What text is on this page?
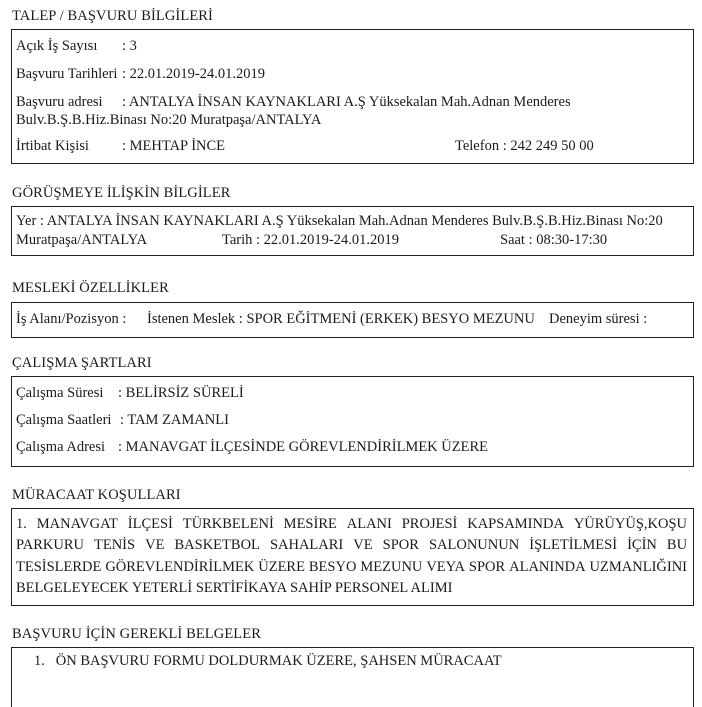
TALEP / BAŞVURU BİLGİLERİ
Açık İş Sayısı : 3
Başvuru Tarihleri : 22.01.2019-24.01.2019
Başvuru adresi : ANTALYA İNSAN KAYNAKLARI A.Ş Yüksekalan Mah.Adnan Menderes
Bulv.B.Ş.B.Hiz.Binası No:20 Muratpaşa/ANTALYA
İrtibat Kişisi : MEHTAP İNCE	Telefon : 242 249 50 00
GÖRÜŞMEYE İLİŞKİN BİLGİLER
Yer : ANTALYA İNSAN KAYNAKLARI A.Ş Yüksekalan Mah.Adnan Menderes Bulv.B.Ş.B.Hiz.Binası No:20
Muratpaşa/ANTALYA	Tarih : 22.01.2019-24.01.2019	Saat : 08:30-17:30
MESLEKİ ÖZELLİKLER
İş Alanı/Pozisyon : İstenen Meslek : SPOR EĞİTMENİ (ERKEK) BESYO MEZUNU Deneyim süresi :
ÇALIŞMA ŞARTLARI
Çalışma Süresi : BELİRSİZ SÜRELİ
Çalışma Saatleri : TAM ZAMANLI
Çalışma Adresi : MANAVGAT İLÇESİNDE GÖREVLENDİRİLMEK ÜZERE
MÜRACAAT KOŞULLARI
1. MANAVGAT İLÇESİ TÜRKBELENİ MESİRE ALANI PROJESİ KAPSAMINDA YÜRÜYÜŞ,KOŞU
PARKURU TENİS VE BASKETBOL SAHALARI VE SPOR SALONUNUN İŞLETİLMESİ İÇİN BU
TESİSLERDE GÖREVLENDİRİLMEK ÜZERE BESYO MEZUNU VEYA SPOR ALANINDA UZMANLIĞINI
BELGELEYECEK YETERLİ SERTİFİKAYA SAHİP PERSONEL ALIMI
BAŞVURU İÇİN GEREKLİ BELGELER
1.   ÖN BAŞVURU FORMU DOLDURMAK ÜZERE, ŞAHSEN MÜRACAAT
